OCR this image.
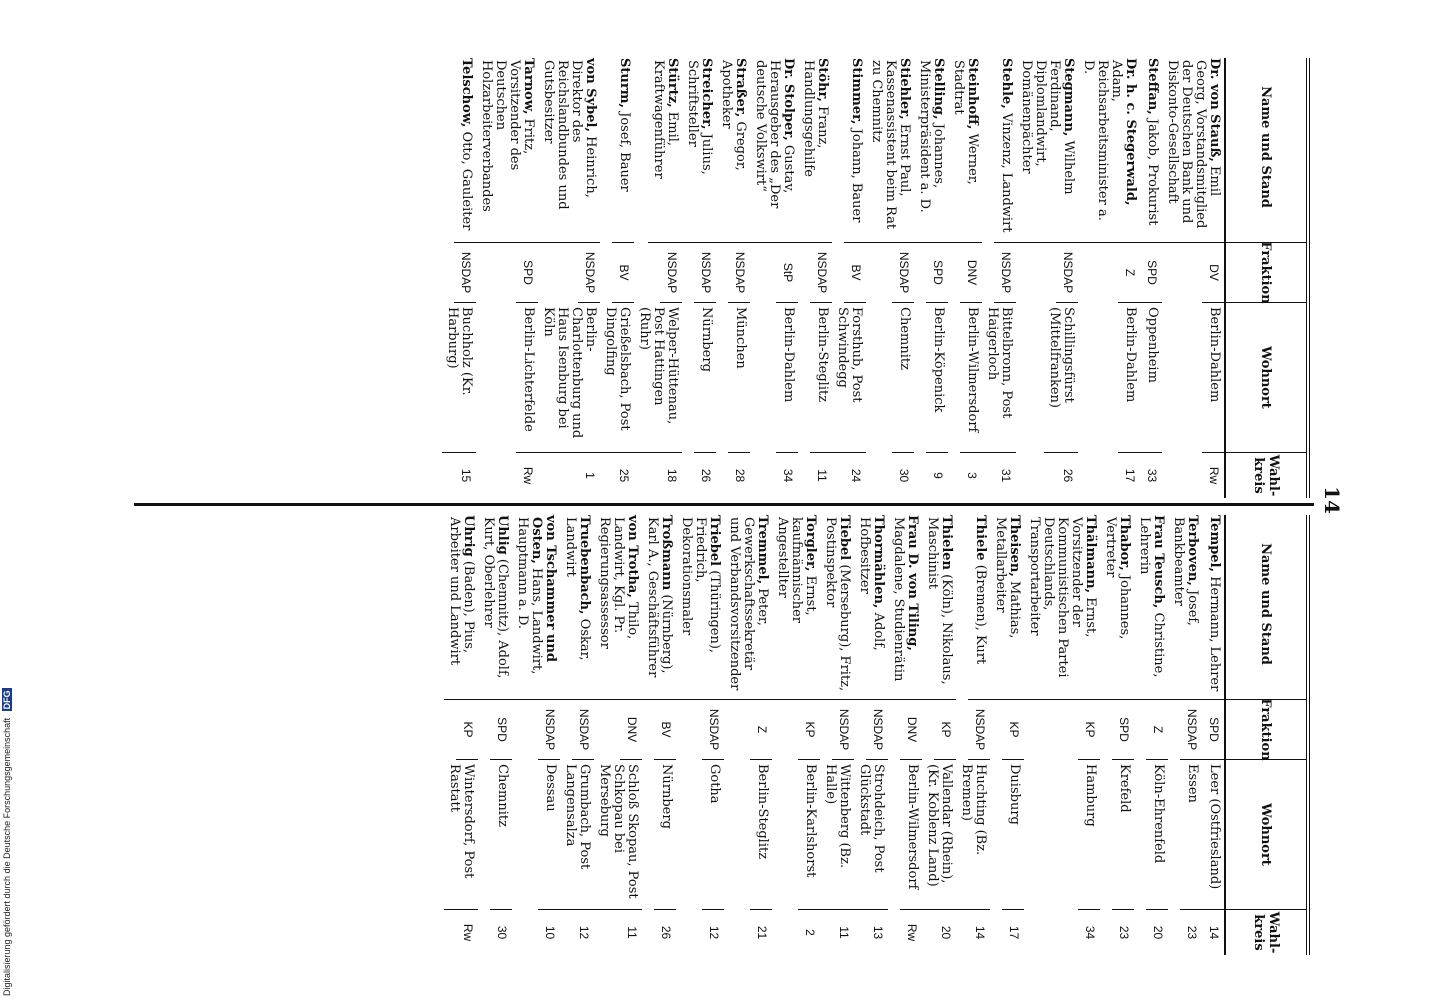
14
Name und Stand
Fraktion
Wohnort
Wahl-kreis
Dr. von Stauß, Emil Georg, Vorstandsmitglied der Deutschen Bank und Diskonto-Gesellschaft
DV
Berlin-Dahlem
Rw
Steffan, Jakob, Prokurist
SPD
Oppenheim
33
Dr. h. c. Stegerwald, Adam, Reichsarbeitsminister a. D.
Z
Berlin-Dahlem
17
Stegmann, Wilhelm Ferdinand, Diplomlandwirt, Domänenpächter
NSDAP
Schillingsfürst (Mittelfranken)
26
Stehle, Vinzenz, Landwirt
NSDAP
Bittelbronn, Post Haigerloch
31
Steinhoff, Werner, Stadtrat
DNV
Berlin-Wilmersdorf
3
Stelling, Johannes, Ministerpräsident a. D.
SPD
Berlin-Köpenick
9
Stiehler, Ernst Paul, Kassenassistent beim Rat zu Chemnitz
NSDAP
Chemnitz
30
Stimmer, Johann, Bauer
BV
Forsthub, Post Schwindegg
24
Stöhr, Franz, Handlungsgehilfe
NSDAP
Berlin-Steglitz
11
Dr. Stolper, Gustav, Herausgeber des „Der deutsche Volkswirt“
StP
Berlin-Dahlem
34
Straßer, Gregor, Apotheker
NSDAP
München
28
Streicher, Julius, Schriftsteller
NSDAP
Nürnberg
26
Stürtz, Emil, Kraftwagenführer
NSDAP
Welper-Hüttenau, Post Hattingen (Ruhr)
18
Sturm, Josef, Bauer
BV
Grießelsbach, Post Dingolfing
25
von Sybel, Heinrich, Direktor des Reichslandbundes und Gutsbesitzer
NSDAP
Berlin-Charlottenburg und Haus Isenburg bei Köln
1
Tarnow, Fritz, Vorsitzender des Deutschen Holzarbeiterverbandes
SPD
Berlin-Lichterfelde
Rw
Telschow, Otto, Gauleiter
NSDAP
Buchholz (Kr. Harburg)
15
Name und Stand
Fraktion
Wohnort
Wahl-kreis
Tempel, Hermann, Lehrer
SPD
Leer (Ostfriesland)
14
Terboven, Josef, Bankbeamter
NSDAP
Essen
23
Frau Teusch, Christine, Lehrerin
Z
Köln-Ehrenfeld
20
Thabor, Johannes, Vertreter
SPD
Krefeld
23
Thälmann, Ernst, Vorsitzender der Kommunistischen Partei Deutschlands, Transportarbeiter
KP
Hamburg
34
Theisen, Mathias, Metallarbeiter
KP
Duisburg
17
Thiele (Bremen), Kurt
NSDAP
Huchting (Bz. Bremen)
14
Thielen (Köln), Nikolaus, Maschinist
KP
Vallendar (Rhein), (Kr. Koblenz Land)
20
Frau D. von Tiling, Magdalene, Studienrätin
DNV
Berlin-Wilmersdorf
Rw
Thormählen, Adolf, Hofbesitzer
NSDAP
Strohdeich, Post Glückstadt
13
Tiebel (Merseburg), Fritz, Postinspektor
NSDAP
Wittenberg (Bz. Halle)
11
Torgler, Ernst, kaufmännischer Angestellter
KP
Berlin-Karlshorst
2
Tremmel, Peter, Gewerkschaftssekretär und Verbandsvorsitzender
Z
Berlin-Steglitz
21
Triebel (Thüringen), Friedrich, Dekorationsmaler
NSDAP
Gotha
12
Troßmann (Nürnberg), Karl A., Geschäftsführer
BV
Nürnberg
26
von Trotha, Thilo, Landwirt, Kgl. Pr. Regierungsassessor
DNV
Schloß Skopau, Post Schkopau bei Merseburg
11
Truebenbach, Oskar, Landwirt
NSDAP
Grumbach, Post Langensalza
12
von Tschammer und Osten, Hans, Landwirt, Hauptmann a. D.
NSDAP
Dessau
10
Uhlig (Chemnitz), Adolf, Kurt, Oberlehrer
SPD
Chemnitz
30
Uhrig (Baden), Pius, Arbeiter und Landwirt
KP
Wintersdorf, Post Rastatt
Rw
Digitalisierung gefördert durch die Deutsche Forschungsgemeinschaft DFG
